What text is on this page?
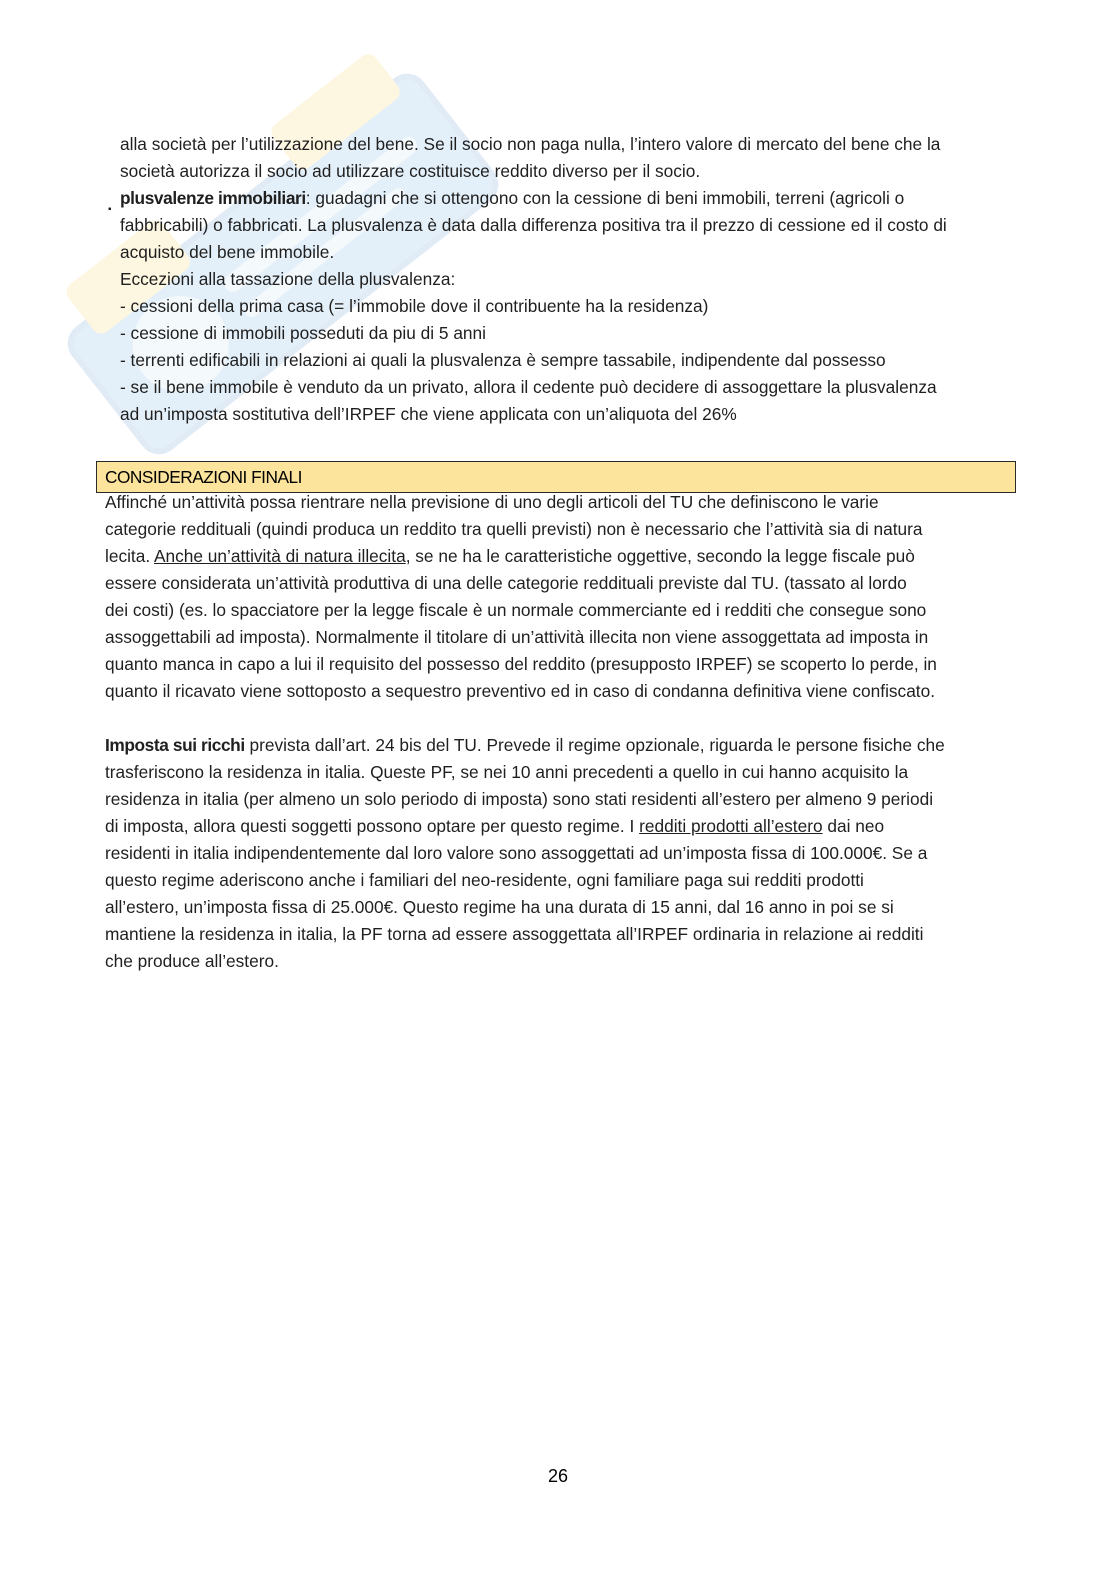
alla società per l’utilizzazione del bene. Se il socio non paga nulla, l’intero valore di mercato del bene che la

società autorizza il socio ad utilizzare costituisce reddito diverso per il socio.

▪

plusvalenze immobiliari: guadagni che si ottengono con la cessione di beni immobili, terreni (agricoli o

fabbricabili) o fabbricati. La plusvalenza è data dalla differenza positiva tra il prezzo di cessione ed il costo di

acquisto del bene immobile.

Eccezioni alla tassazione della plusvalenza:

- cessioni della prima casa (= l’immobile dove il contribuente ha la residenza)

- cessione di immobili posseduti da piu di 5 anni

- terrenti edificabili in relazioni ai quali la plusvalenza è sempre tassabile, indipendente dal possesso

- se il bene immobile è venduto da un privato, allora il cedente può decidere di assoggettare la plusvalenza

ad un’imposta sostitutiva dell’IRPEF che viene applicata con un’aliquota del 26%

CONSIDERAZIONI FINALI

Affinché un’attività possa rientrare nella previsione di uno degli articoli del TU che definiscono le varie

categorie reddituali (quindi produca un reddito tra quelli previsti) non è necessario che l’attività sia di natura

lecita. Anche un’attività di natura illecita, se ne ha le caratteristiche oggettive, secondo la legge fiscale può

essere considerata un’attività produttiva di una delle categorie reddituali previste dal TU. (tassato al lordo

dei costi) (es. lo spacciatore per la legge fiscale è un normale commerciante ed i redditi che consegue sono

assoggettabili ad imposta). Normalmente il titolare di un’attività illecita non viene assoggettata ad imposta in

quanto manca in capo a lui il requisito del possesso del reddito (presupposto IRPEF) se scoperto lo perde, in

quanto il ricavato viene sottoposto a sequestro preventivo ed in caso di condanna definitiva viene confiscato.

Imposta sui ricchi prevista dall’art. 24 bis del TU. Prevede il regime opzionale, riguarda le persone fisiche che

trasferiscono la residenza in italia. Queste PF, se nei 10 anni precedenti a quello in cui hanno acquisito la

residenza in italia (per almeno un solo periodo di imposta) sono stati residenti all’estero per almeno 9 periodi

di imposta, allora questi soggetti possono optare per questo regime. I redditi prodotti all’estero dai neo

residenti in italia indipendentemente dal loro valore sono assoggettati ad un’imposta fissa di 100.000€. Se a

questo regime aderiscono anche i familiari del neo-residente, ogni familiare paga sui redditi prodotti

all’estero, un’imposta fissa di 25.000€. Questo regime ha una durata di 15 anni, dal 16 anno in poi se si

mantiene la residenza in italia, la PF torna ad essere assoggettata all’IRPEF ordinaria in relazione ai redditi

che produce all’estero.

26
